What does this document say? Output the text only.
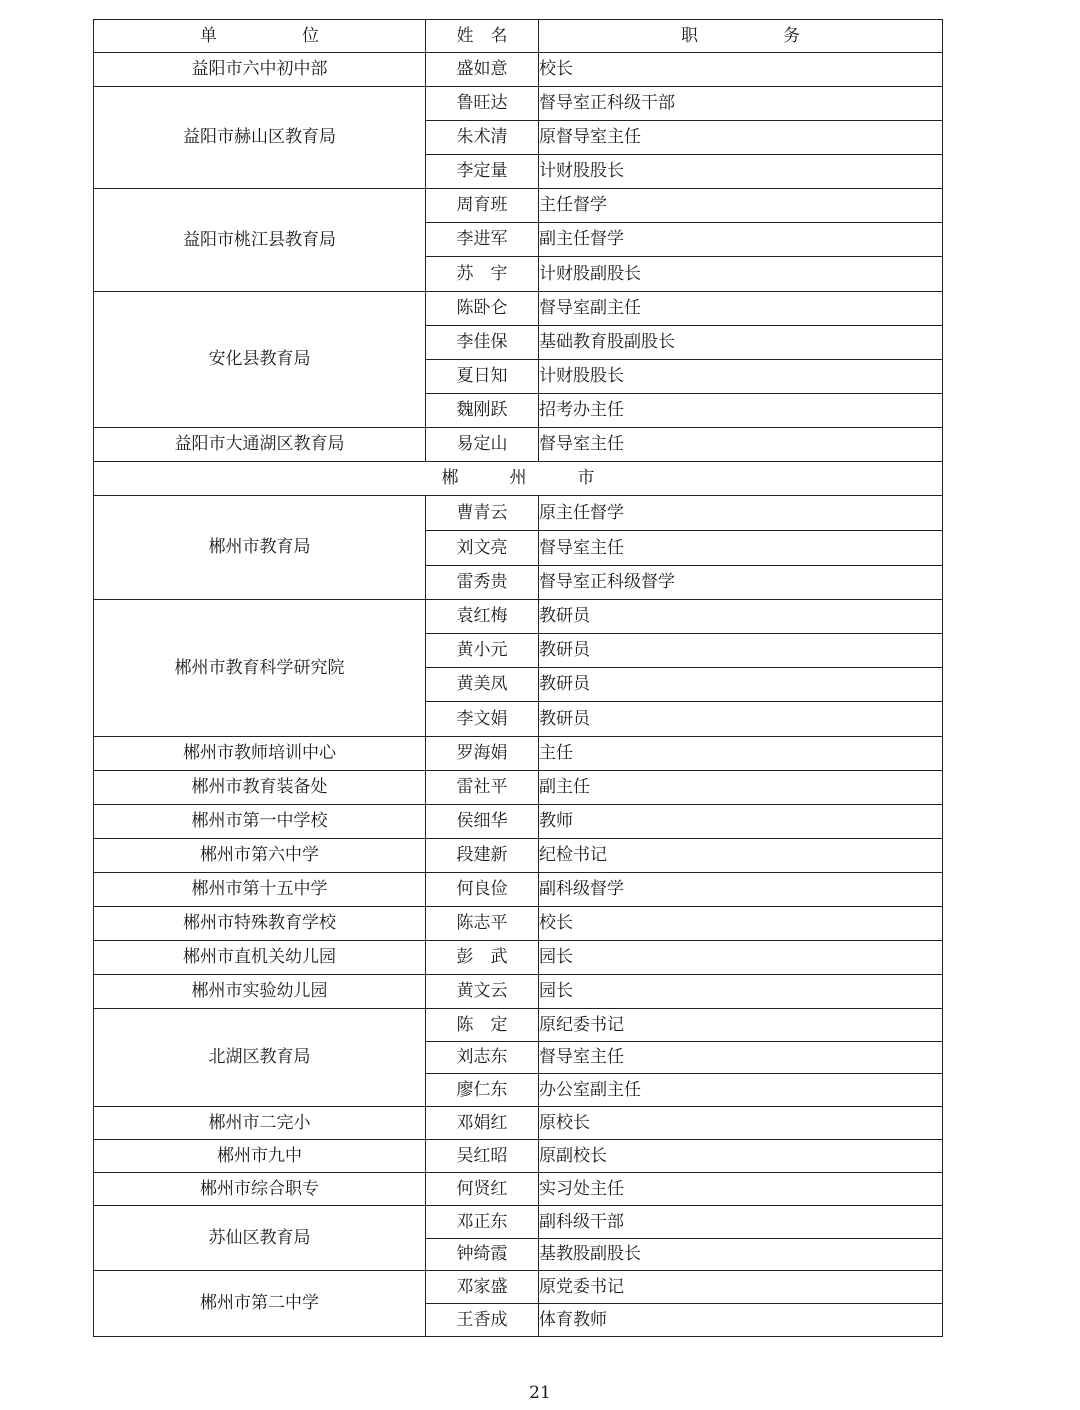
单　　　　　位	姓　名	职　　　　　务
益阳市六中初中部	盛如意	校长
益阳市赫山区教育局	鲁旺达	督导室正科级干部
	朱术清	原督导室主任
	李定量	计财股股长
益阳市桃江县教育局	周育班	主任督学
	李进军	副主任督学
	苏　宇	计财股副股长
安化县教育局	陈卧仑	督导室副主任
	李佳保	基础教育股副股长
	夏日知	计财股股长
	魏刚跃	招考办主任
益阳市大通湖区教育局	易定山	督导室主任
郴　　　州　　　市		
郴州市教育局	曹青云	原主任督学
	刘文亮	督导室主任
	雷秀贵	督导室正科级督学
郴州市教育科学研究院	袁红梅	教研员
	黄小元	教研员
	黄美凤	教研员
	李文娟	教研员
郴州市教师培训中心	罗海娟	主任
郴州市教育装备处	雷社平	副主任
郴州市第一中学校	侯细华	教师
郴州市第六中学	段建新	纪检书记
郴州市第十五中学	何良俭	副科级督学
郴州市特殊教育学校	陈志平	校长
郴州市直机关幼儿园	彭　武	园长
郴州市实验幼儿园	黄文云	园长
北湖区教育局	陈　定	原纪委书记
	刘志东	督导室主任
	廖仁东	办公室副主任
郴州市二完小	邓娟红	原校长
郴州市九中	吴红昭	原副校长
郴州市综合职专	何贤红	实习处主任
苏仙区教育局	邓正东	副科级干部
	钟绮霞	基教股副股长
郴州市第二中学	邓家盛	原党委书记
	王香成	体育教师
21
